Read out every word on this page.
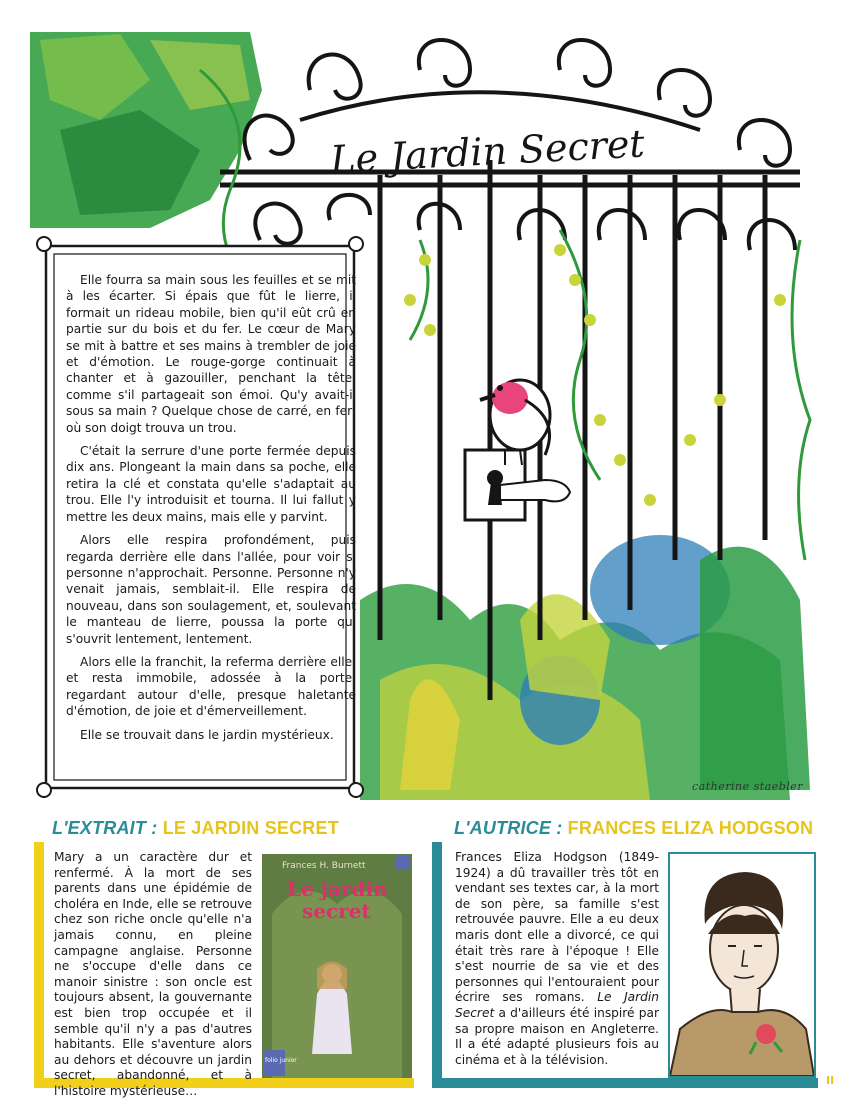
Le Jardin Secret

Elle fourra sa main sous les feuilles et se mit à les écarter. Si épais que fût le lierre, il formait un rideau mobile, bien qu'il eût crû en partie sur du bois et du fer. Le cœur de Mary se mit à battre et ses mains à trembler de joie et d'émotion. Le rouge-gorge continuait à chanter et à gazouiller, penchant la tête, comme s'il partageait son émoi. Qu'y avait-il sous sa main ? Quelque chose de carré, en fer, où son doigt trouva un trou.

C'était la serrure d'une porte fermée depuis dix ans. Plongeant la main dans sa poche, elle retira la clé et constata qu'elle s'adaptait au trou. Elle l'y introduisit et tourna. Il lui fallut y mettre les deux mains, mais elle y parvint.

Alors elle respira profondément, puis regarda derrière elle dans l'allée, pour voir si personne n'approchait. Personne. Personne n'y venait jamais, semblait-il. Elle respira de nouveau, dans son soulagement, et, soulevant le manteau de lierre, poussa la porte qui s'ouvrit lentement, lentement.

Alors elle la franchit, la referma derrière elle, et resta immobile, adossée à la porte, regardant autour d'elle, presque haletante d'émotion, de joie et d'émerveillement.

Elle se trouvait dans le jardin mystérieux.

catherine staebler
L'EXTRAIT : LE JARDIN SECRET
Mary a un caractère dur et renfermé. À la mort de ses parents dans une épidémie de choléra en Inde, elle se retrouve chez son riche oncle qu'elle n'a jamais connu, en pleine campagne anglaise. Personne ne s'occupe d'elle dans ce manoir sinistre : son oncle est toujours absent, la gouvernante est bien trop occupée et il semble qu'il n'y a pas d'autres habitants. Elle s'aventure alors au dehors et découvre un jardin secret, abandonné, et à l'histoire mystérieuse…
Frances H. Burnett
Le jardin
secret
folio junior
L'AUTRICE : FRANCES ELIZA HODGSON
Frances Eliza Hodgson (1849-1924) a dû travailler très tôt en vendant ses textes car, à la mort de son père, sa famille s'est retrouvée pauvre. Elle a eu deux maris dont elle a divorcé, ce qui était très rare à l'époque ! Elle s'est nourrie de sa vie et des personnes qui l'entouraient pour écrire ses romans. Le Jardin Secret a d'ailleurs été inspiré par sa propre maison en Angleterre. Il a été adapté plusieurs fois au cinéma et à la télévision.
II
